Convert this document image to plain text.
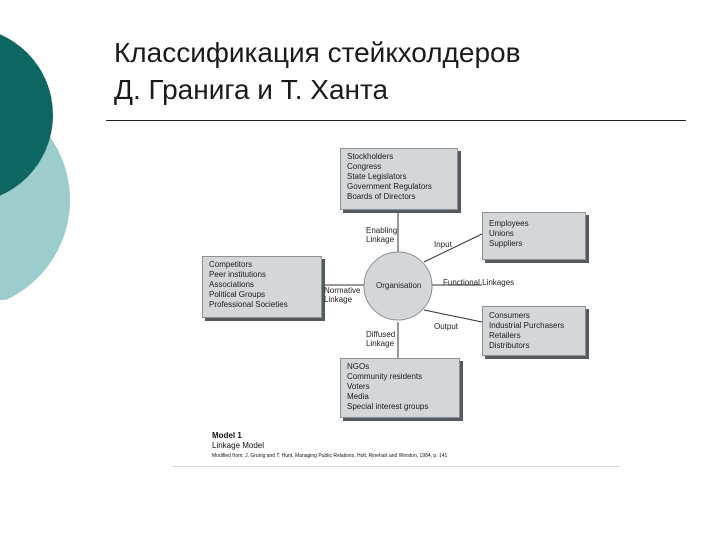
Классификация стейкхолдеров
Д. Гранига и Т. Ханта
Organisation
Stockholders
Congress
State Legislators
Government Regulators
Boards of Directors
Employees
Unions
Suppliers
Competitors
Peer institutions
Associations
Political Groups
Professional Societies
Consumers
Industrial Purchasers
Retailers
Distributors
NGOs
Community residents
Voters
Media
Special interest groups
Enabling
Linkage
Input
Functional Linkages
Normative
Linkage
Output
Diffused
Linkage
Model 1
Linkage Model
Modified from: J. Grunig and T. Hunt, Managing Public Relations, Holt, Rinehart and Winston, 1984, p. 141
